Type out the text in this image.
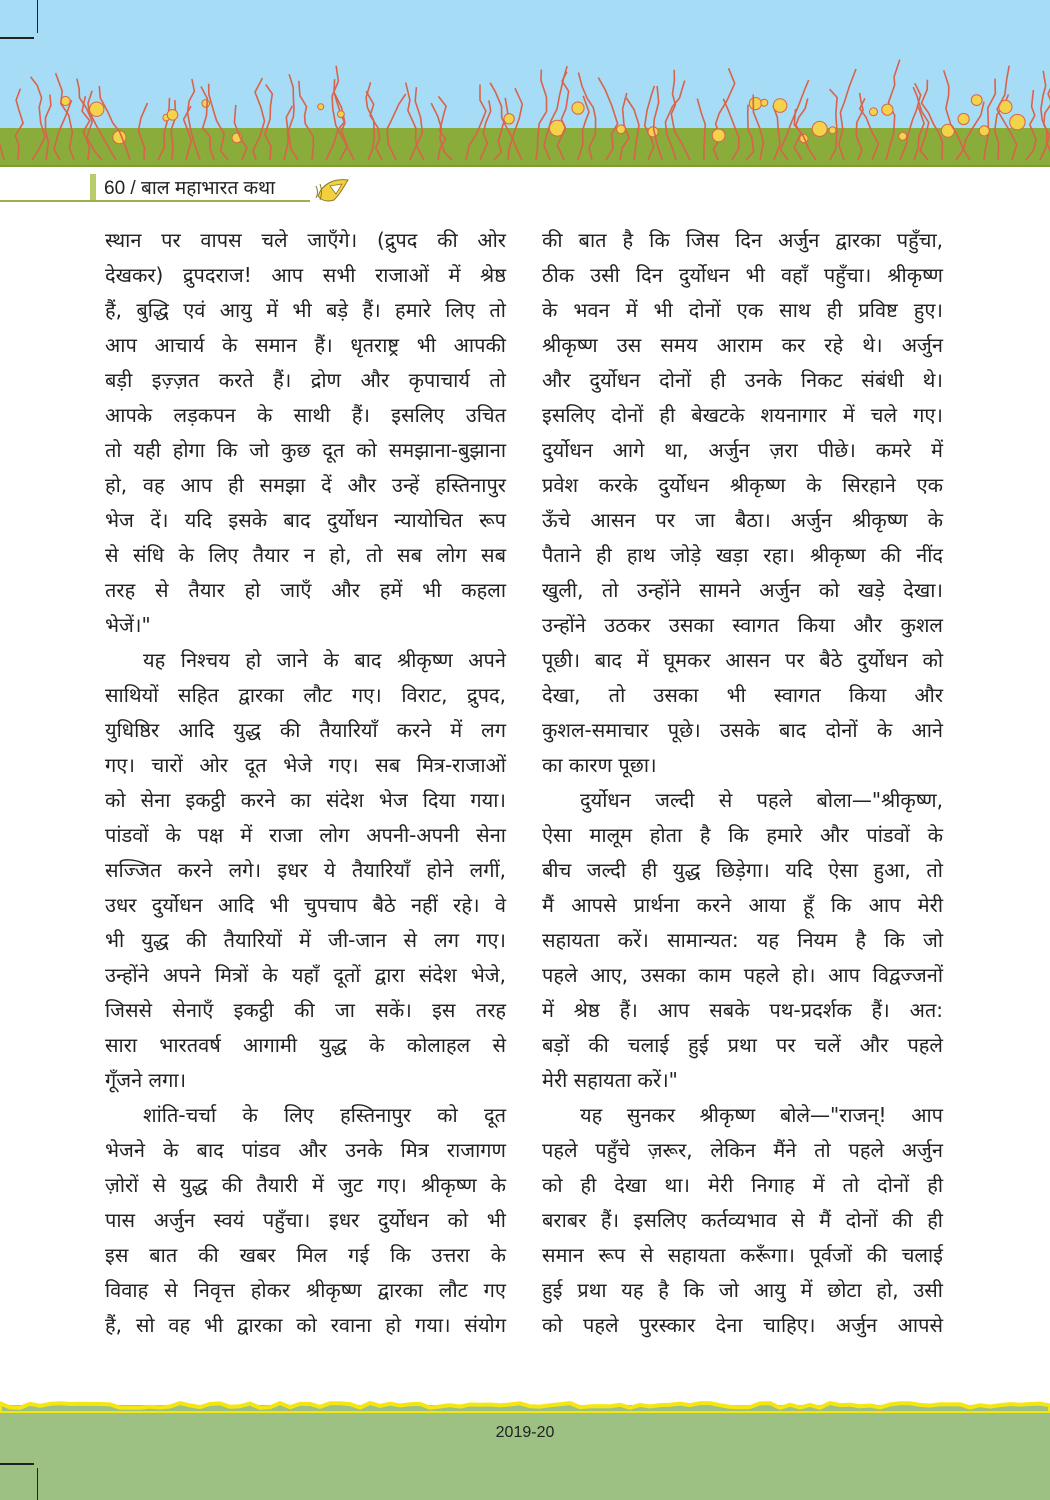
60 / बाल महाभारत कथा
स्थान पर वापस चले जाएँगे। (द्रुपद की ओर
देखकर) द्रुपदराज! आप सभी राजाओं में श्रेष्ठ
हैं, बुद्धि एवं आयु में भी बड़े हैं। हमारे लिए तो
आप आचार्य के समान हैं। धृतराष्ट्र भी आपकी
बड़ी इज़्ज़त करते हैं। द्रोण और कृपाचार्य तो
आपके लड़कपन के साथी हैं। इसलिए उचित
तो यही होगा कि जो कुछ दूत को समझाना-बुझाना
हो, वह आप ही समझा दें और उन्हें हस्तिनापुर
भेज दें। यदि इसके बाद दुर्योधन न्यायोचित रूप
से संधि के लिए तैयार न हो, तो सब लोग सब
तरह से तैयार हो जाएँ और हमें भी कहला
भेजें।"
यह निश्चय हो जाने के बाद श्रीकृष्ण अपने
साथियों सहित द्वारका लौट गए। विराट, द्रुपद,
युधिष्ठिर आदि युद्ध की तैयारियाँ करने में लग
गए। चारों ओर दूत भेजे गए। सब मित्र-राजाओं
को सेना इकट्ठी करने का संदेश भेज दिया गया।
पांडवों के पक्ष में राजा लोग अपनी-अपनी सेना
सज्जित करने लगे। इधर ये तैयारियाँ होने लगीं,
उधर दुर्योधन आदि भी चुपचाप बैठे नहीं रहे। वे
भी युद्ध की तैयारियों में जी-जान से लग गए।
उन्होंने अपने मित्रों के यहाँ दूतों द्वारा संदेश भेजे,
जिससे सेनाएँ इकट्ठी की जा सकें। इस तरह
सारा भारतवर्ष आगामी युद्ध के कोलाहल से
गूँजने लगा।
शांति-चर्चा के लिए हस्तिनापुर को दूत
भेजने के बाद पांडव और उनके मित्र राजागण
ज़ोरों से युद्ध की तैयारी में जुट गए। श्रीकृष्ण के
पास अर्जुन स्वयं पहुँचा। इधर दुर्योधन को भी
इस बात की खबर मिल गई कि उत्तरा के
विवाह से निवृत्त होकर श्रीकृष्ण द्वारका लौट गए
हैं, सो वह भी द्वारका को रवाना हो गया। संयोग
की बात है कि जिस दिन अर्जुन द्वारका पहुँचा,
ठीक उसी दिन दुर्योधन भी वहाँ पहुँचा। श्रीकृष्ण
के भवन में भी दोनों एक साथ ही प्रविष्ट हुए।
श्रीकृष्ण उस समय आराम कर रहे थे। अर्जुन
और दुर्योधन दोनों ही उनके निकट संबंधी थे।
इसलिए दोनों ही बेखटके शयनागार में चले गए।
दुर्योधन आगे था, अर्जुन ज़रा पीछे। कमरे में
प्रवेश करके दुर्योधन श्रीकृष्ण के सिरहाने एक
ऊँचे आसन पर जा बैठा। अर्जुन श्रीकृष्ण के
पैताने ही हाथ जोड़े खड़ा रहा। श्रीकृष्ण की नींद
खुली, तो उन्होंने सामने अर्जुन को खड़े देखा।
उन्होंने उठकर उसका स्वागत किया और कुशल
पूछी। बाद में घूमकर आसन पर बैठे दुर्योधन को
देखा, तो उसका भी स्वागत किया और
कुशल-समाचार पूछे। उसके बाद दोनों के आने
का कारण पूछा।
दुर्योधन जल्दी से पहले बोला—"श्रीकृष्ण,
ऐसा मालूम होता है कि हमारे और पांडवों के
बीच जल्दी ही युद्ध छिड़ेगा। यदि ऐसा हुआ, तो
मैं आपसे प्रार्थना करने आया हूँ कि आप मेरी
सहायता करें। सामान्यत: यह नियम है कि जो
पहले आए, उसका काम पहले हो। आप विद्वज्जनों
में श्रेष्ठ हैं। आप सबके पथ-प्रदर्शक हैं। अत:
बड़ों की चलाई हुई प्रथा पर चलें और पहले
मेरी सहायता करें।"
यह सुनकर श्रीकृष्ण बोले—"राजन्! आप
पहले पहुँचे ज़रूर, लेकिन मैंने तो पहले अर्जुन
को ही देखा था। मेरी निगाह में तो दोनों ही
बराबर हैं। इसलिए कर्तव्यभाव से मैं दोनों की ही
समान रूप से सहायता करूँगा। पूर्वजों की चलाई
हुई प्रथा यह है कि जो आयु में छोटा हो, उसी
को पहले पुरस्कार देना चाहिए। अर्जुन आपसे
2019-20
